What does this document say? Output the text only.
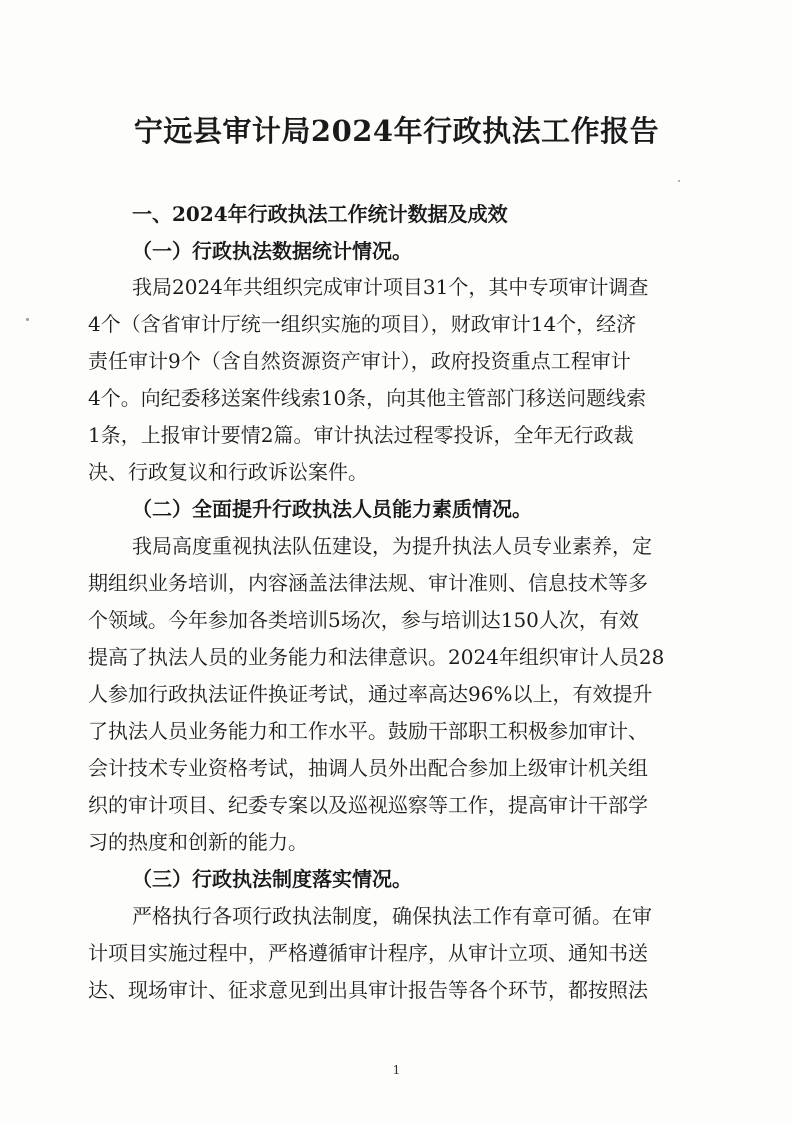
宁远县审计局2024年行政执法工作报告
一、2024年行政执法工作统计数据及成效
（一）行政执法数据统计情况。
我局2024年共组织完成审计项目31个，其中专项审计调查
4个（含省审计厅统一组织实施的项目），财政审计14个，经济
责任审计9个（含自然资源资产审计），政府投资重点工程审计
4个。向纪委移送案件线索10条，向其他主管部门移送问题线索
1条，上报审计要情2篇。审计执法过程零投诉，全年无行政裁
决、行政复议和行政诉讼案件。
（二）全面提升行政执法人员能力素质情况。
我局高度重视执法队伍建设，为提升执法人员专业素养，定
期组织业务培训，内容涵盖法律法规、审计准则、信息技术等多
个领域。今年参加各类培训5场次，参与培训达150人次，有效
提高了执法人员的业务能力和法律意识。2024年组织审计人员28
人参加行政执法证件换证考试，通过率高达96%以上，有效提升
了执法人员业务能力和工作水平。鼓励干部职工积极参加审计、
会计技术专业资格考试，抽调人员外出配合参加上级审计机关组
织的审计项目、纪委专案以及巡视巡察等工作，提高审计干部学
习的热度和创新的能力。
（三）行政执法制度落实情况。
严格执行各项行政执法制度，确保执法工作有章可循。在审
计项目实施过程中，严格遵循审计程序，从审计立项、通知书送
达、现场审计、征求意见到出具审计报告等各个环节，都按照法
1
